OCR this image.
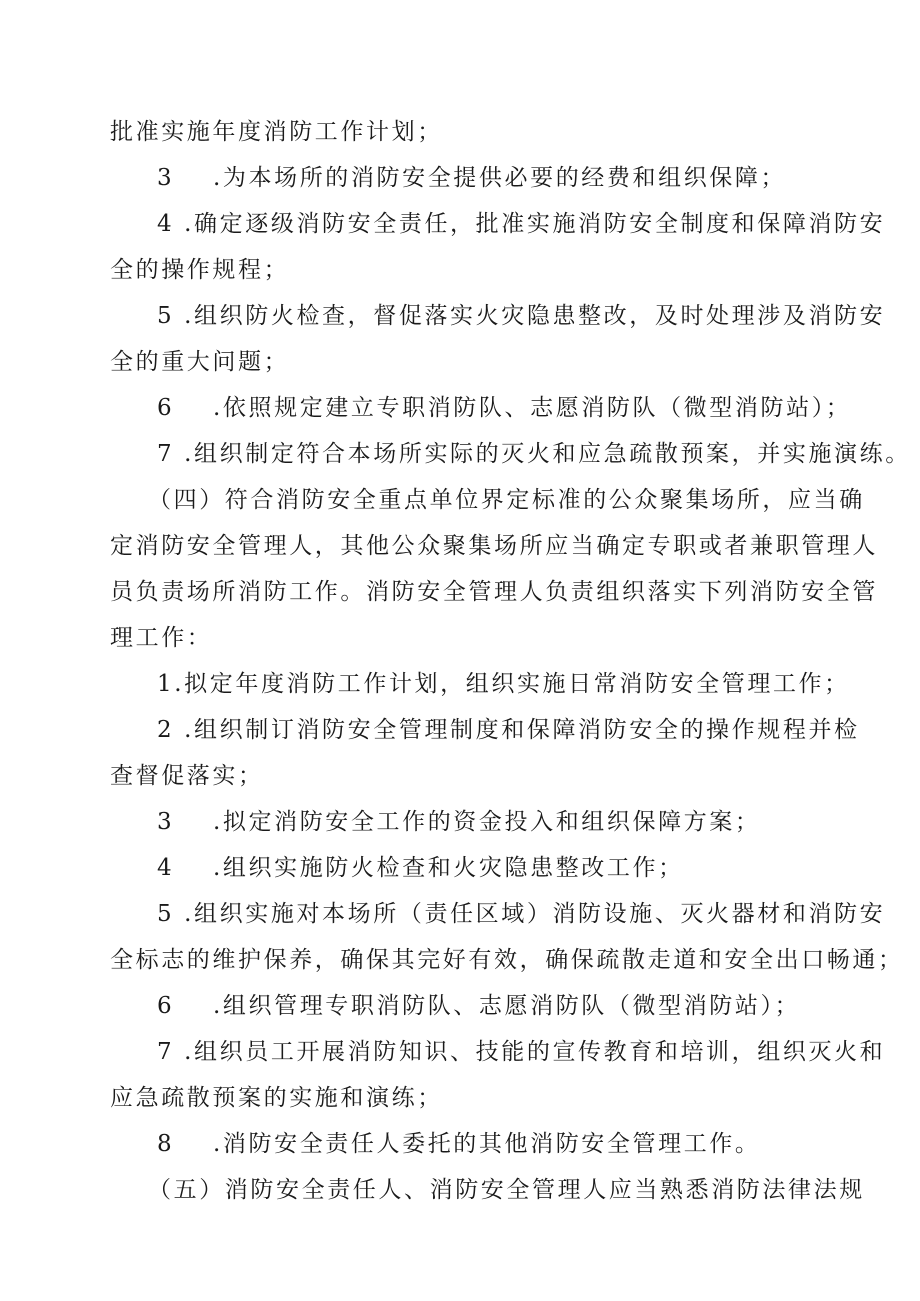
批准实施年度消防工作计划；
3 .为本场所的消防安全提供必要的经费和组织保障；
4 .确定逐级消防安全责任，批准实施消防安全制度和保障消防安
全的操作规程；
5 .组织防火检查，督促落实火灾隐患整改，及时处理涉及消防安
全的重大问题；
6 .依照规定建立专职消防队、志愿消防队（微型消防站）；
7 .组织制定符合本场所实际的灭火和应急疏散预案，并实施演练。
（四）符合消防安全重点单位界定标准的公众聚集场所，应当确
定消防安全管理人，其他公众聚集场所应当确定专职或者兼职管理人
员负责场所消防工作。消防安全管理人负责组织落实下列消防安全管
理工作：
1.拟定年度消防工作计划，组织实施日常消防安全管理工作；
2 .组织制订消防安全管理制度和保障消防安全的操作规程并检
查督促落实；
3 .拟定消防安全工作的资金投入和组织保障方案；
4 .组织实施防火检查和火灾隐患整改工作；
5 .组织实施对本场所（责任区域）消防设施、灭火器材和消防安
全标志的维护保养，确保其完好有效，确保疏散走道和安全出口畅通；
6 .组织管理专职消防队、志愿消防队（微型消防站）；
7 .组织员工开展消防知识、技能的宣传教育和培训，组织灭火和
应急疏散预案的实施和演练；
8 .消防安全责任人委托的其他消防安全管理工作。
（五）消防安全责任人、消防安全管理人应当熟悉消防法律法规
